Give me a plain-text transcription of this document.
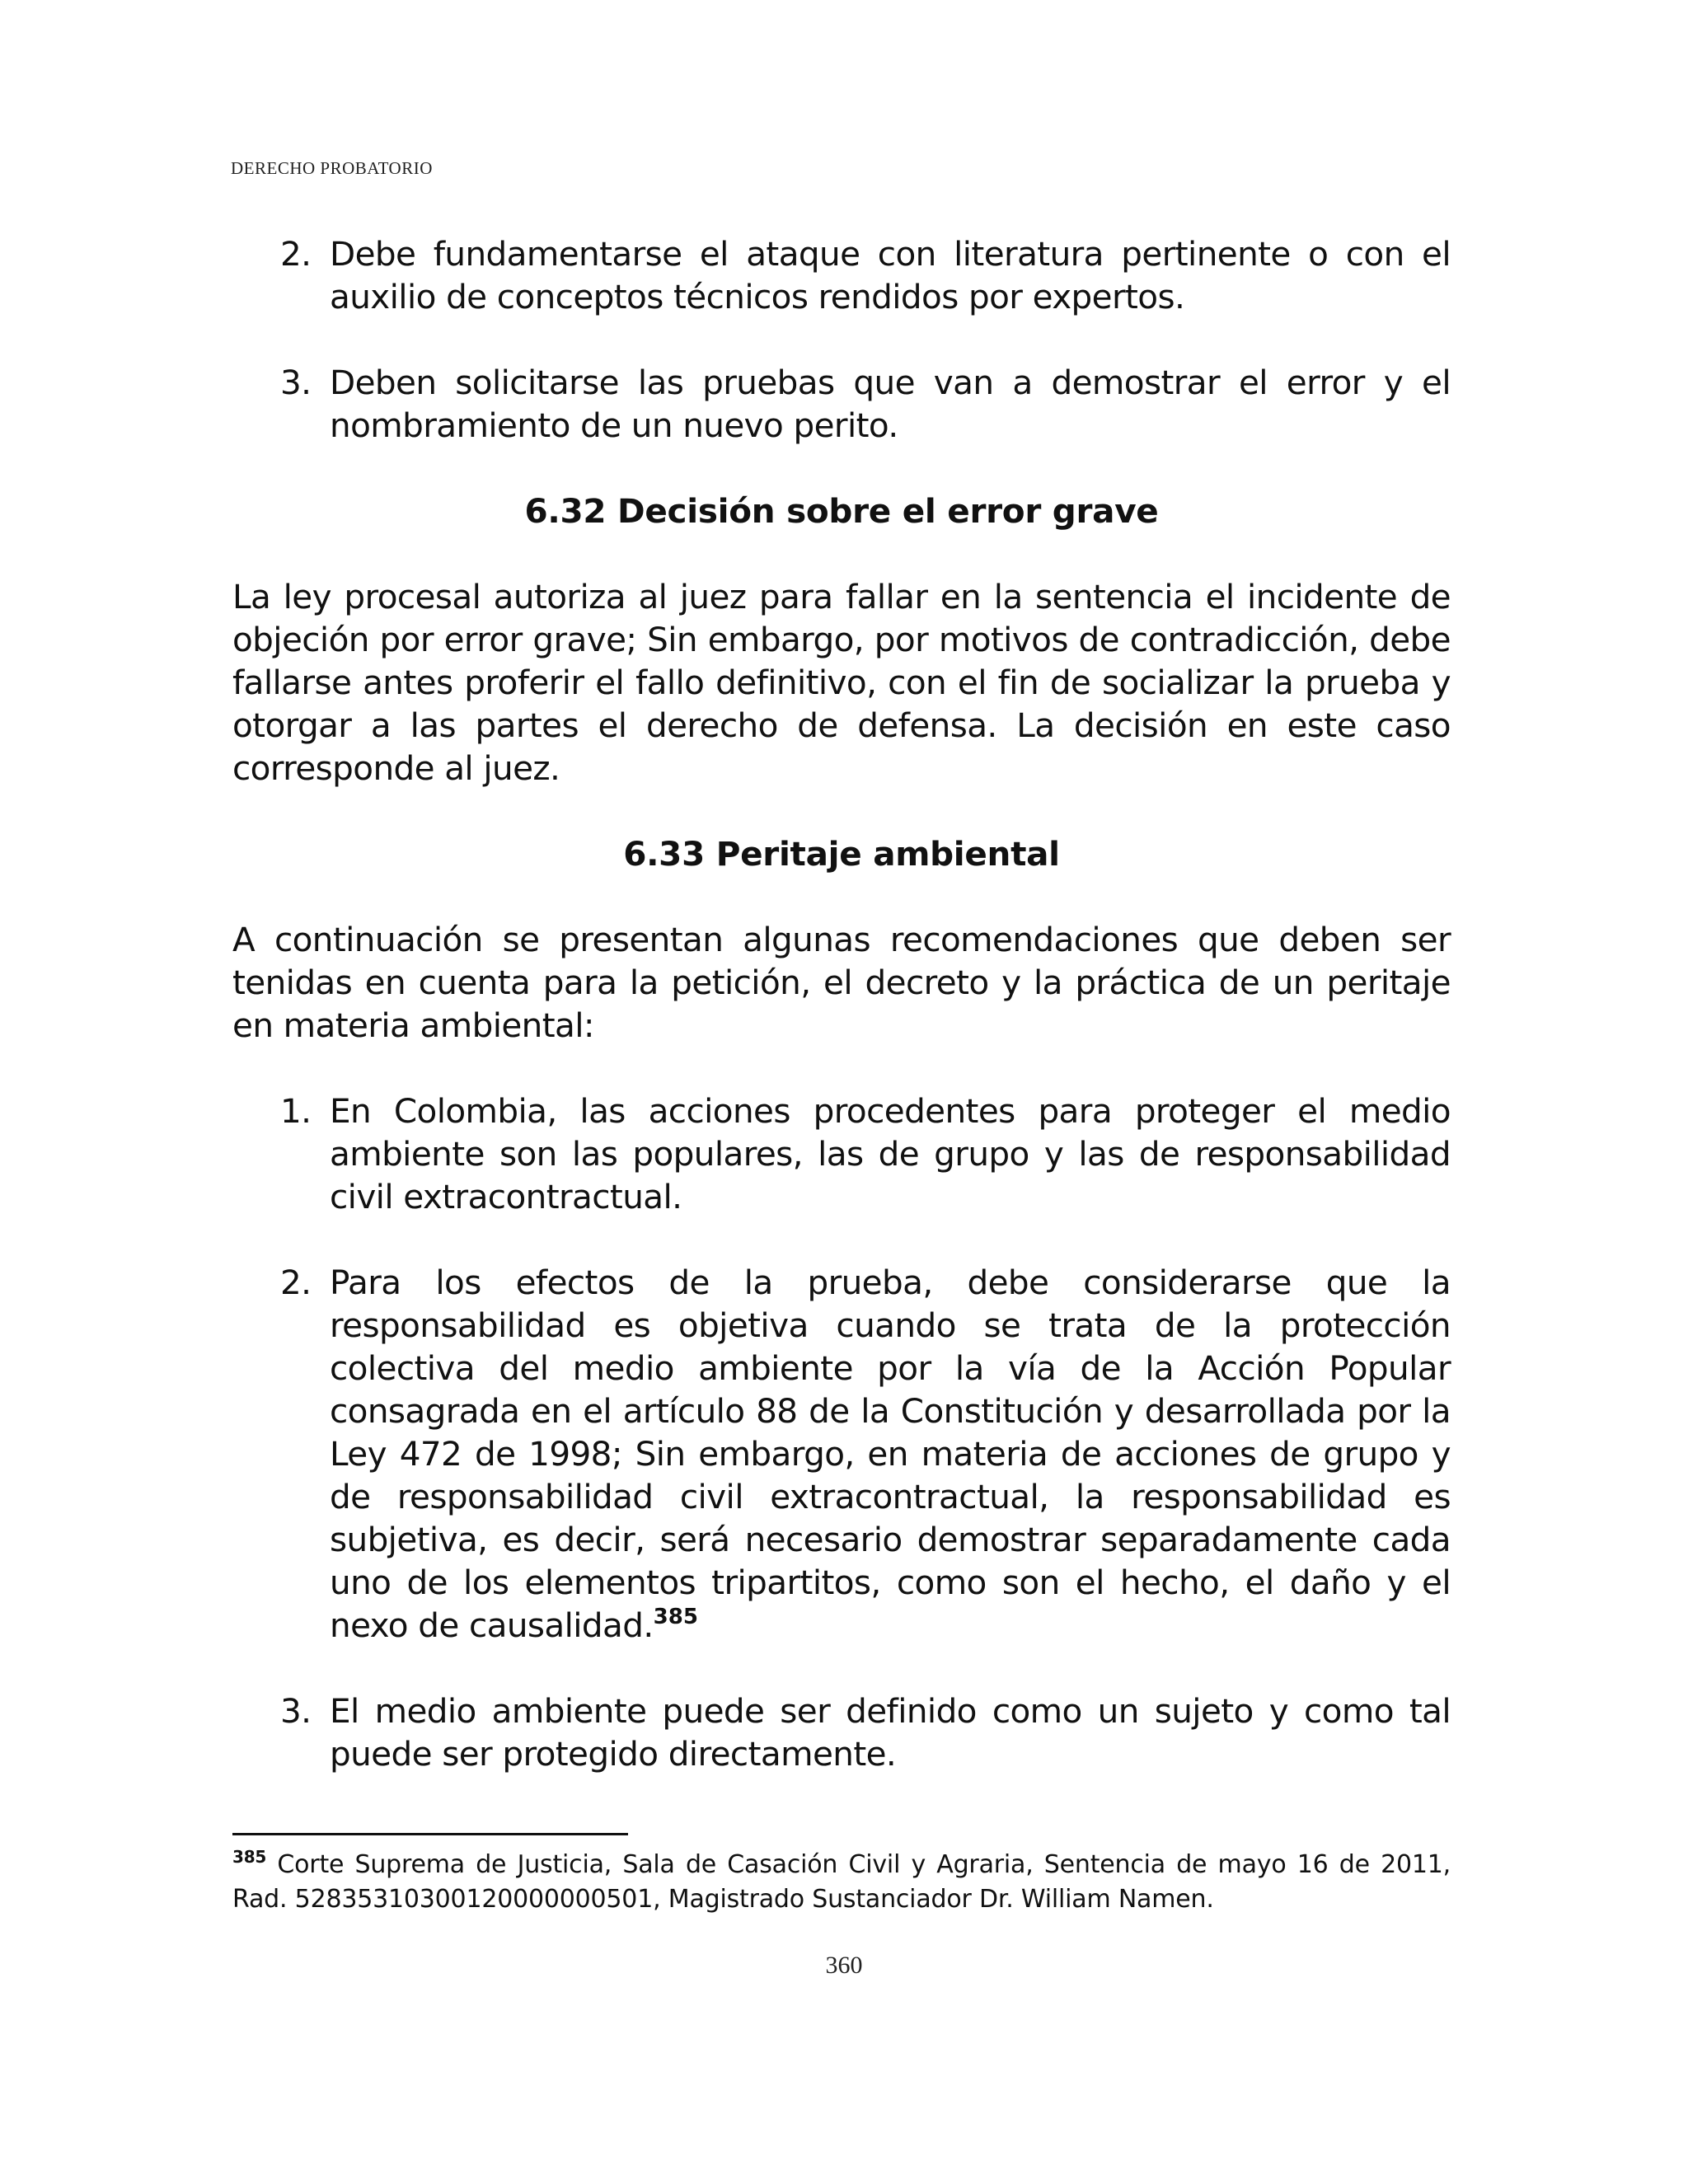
DERECHO PROBATORIO
2. Debe fundamentarse el ataque con literatura pertinente o con el auxilio de conceptos técnicos rendidos por expertos.
3. Deben solicitarse las pruebas que van a demostrar el error y el nombramiento de un nuevo perito.
6.32 Decisión sobre el error grave

La ley procesal autoriza al juez para fallar en la sentencia el incidente de objeción por error grave; Sin embargo, por motivos de contradicción, debe fallarse antes proferir el fallo definitivo, con el fin de socializar la prueba y otorgar a las partes el derecho de defensa. La decisión en este caso corresponde al juez.

6.33 Peritaje ambiental

A continuación se presentan algunas recomendaciones que deben ser tenidas en cuenta para la petición, el decreto y la práctica de un peritaje en materia ambiental:

1. En Colombia, las acciones procedentes para proteger el medio ambiente son las populares, las de grupo y las de responsabilidad civil extracontractual.
2. Para los efectos de la prueba, debe considerarse que la responsabilidad es objetiva cuando se trata de la protección colectiva del medio ambiente por la vía de la Acción Popular consagrada en el artículo 88 de la Constitución y desarrollada por la Ley 472 de 1998; Sin embargo, en materia de acciones de grupo y de responsabilidad civil extracontractual, la responsabilidad es subjetiva, es decir, será necesario demostrar separadamente cada uno de los elementos tripartitos, como son el hecho, el daño y el nexo de causalidad.$^{385}$
3. El medio ambiente puede ser definido como un sujeto y como tal puede ser protegido directamente.
$^{385}$ Corte Suprema de Justicia, Sala de Casación Civil y Agraria, Sentencia de mayo 16 de 2011, Rad. 52835310300120000000501, Magistrado Sustanciador Dr. William Namen.
360
